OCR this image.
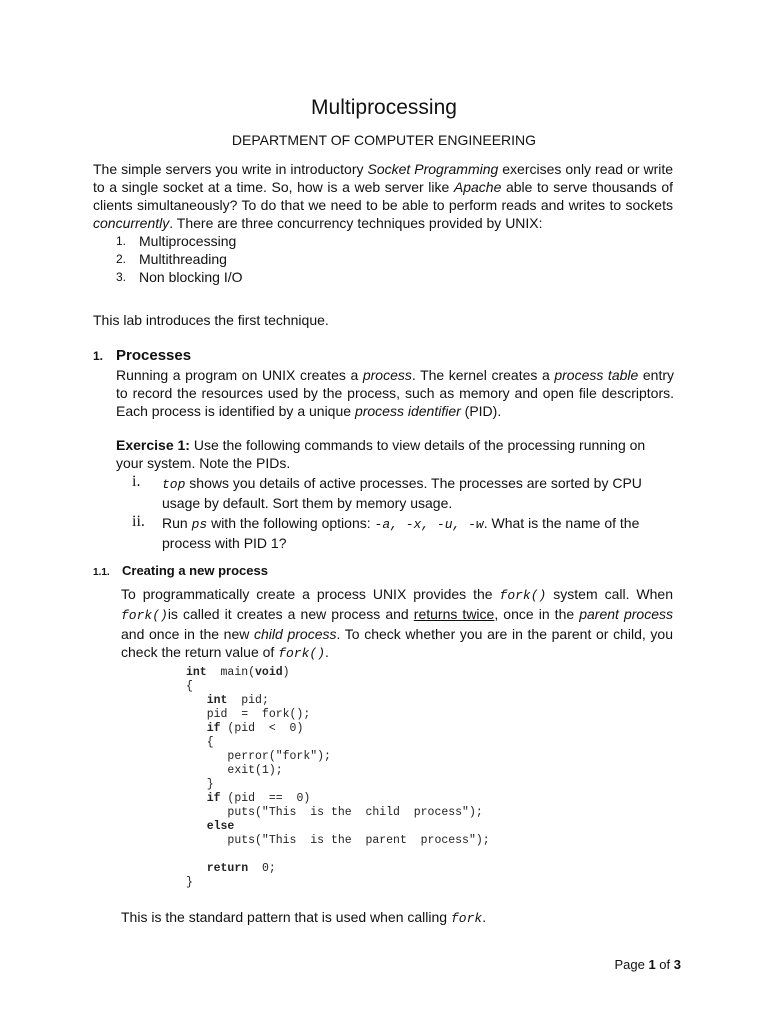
Multiprocessing
DEPARTMENT OF COMPUTER ENGINEERING

The simple servers you write in introductory Socket Programming exercises only read or write to a single socket at a time. So, how is a web server like Apache able to serve thousands of clients simultaneously? To do that we need to be able to perform reads and writes to sockets concurrently. There are three concurrency techniques provided by UNIX:

1. Multiprocessing
2. Multithreading
3. Non blocking I/O
This lab introduces the first technique.
1. Processes
Running a program on UNIX creates a process. The kernel creates a process table entry to record the resources used by the process, such as memory and open file descriptors. Each process is identified by a unique process identifier (PID).
Exercise 1: Use the following commands to view details of the processing running on your system. Note the PIDs.
i. top shows you details of active processes. The processes are sorted by CPU usage by default. Sort them by memory usage.
ii. Run ps with the following options: -a, -x, -u, -w. What is the name of the process with PID 1?
1.1. Creating a new process
To programmatically create a process UNIX provides the fork() system call. When fork()is called it creates a new process and returns twice, once in the parent process and once in the new child process. To check whether you are in the parent or child, you check the return value of fork().
int  main(void)
{
int  pid;
pid  =  fork();
if (pid  <  0)
{
perror("fork");
exit(1);
}
if (pid  ==  0)
puts("This  is the  child  process");
else
puts("This  is the  parent  process");

return  0;
}
This is the standard pattern that is used when calling fork.
Page 1 of 3
